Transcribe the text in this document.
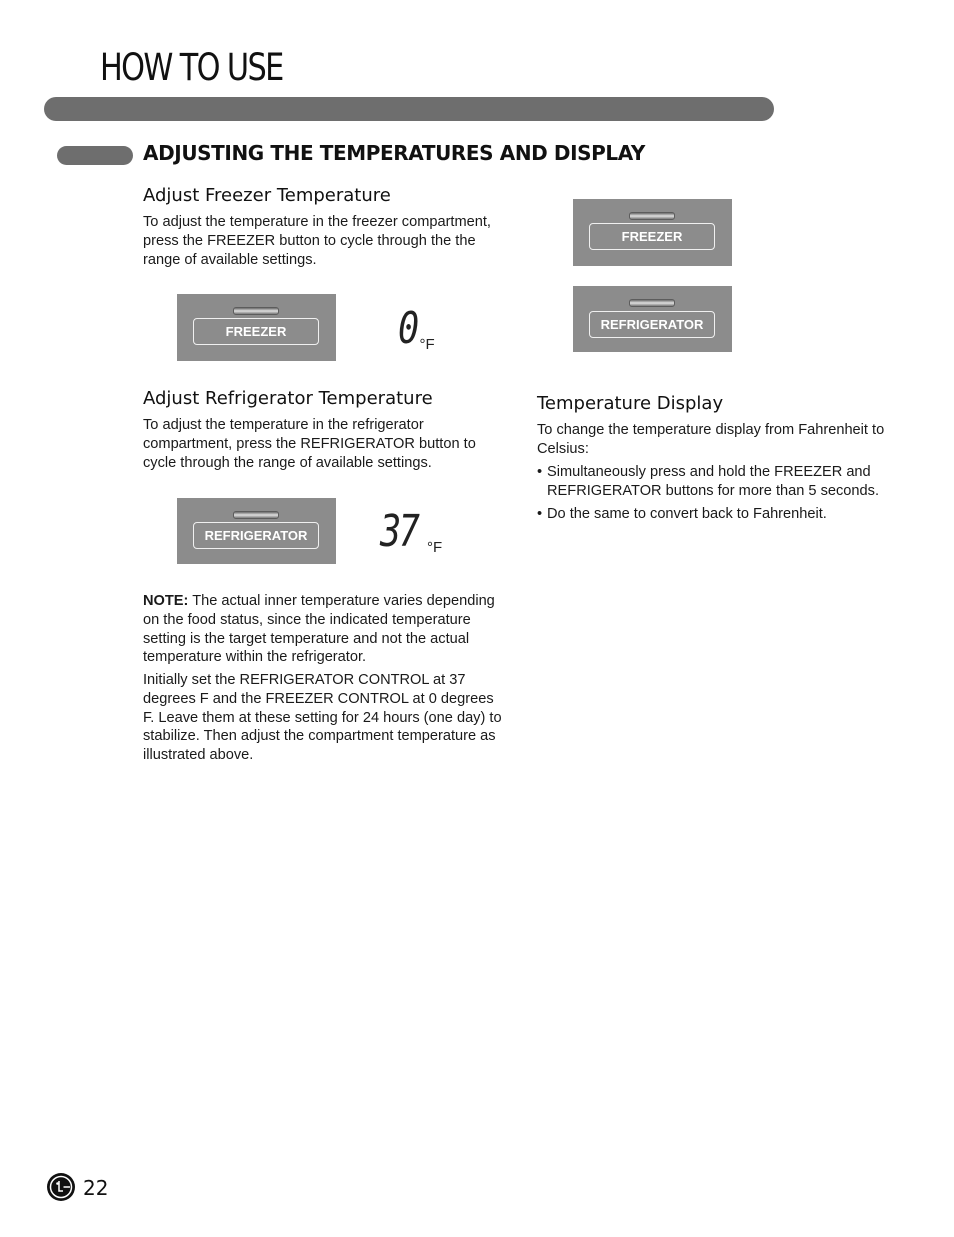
HOW TO USE
ADJUSTING THE TEMPERATURES AND DISPLAY
Adjust Freezer Temperature

To adjust the temperature in the freezer compartment, press the FREEZER button to cycle through the the range of available settings.

FREEZER	0 °F
Adjust Refrigerator Temperature

To adjust the temperature in the refrigerator compartment, press the REFRIGERATOR button to cycle through the range of available settings.

REFRIGERATOR 37 °F

NOTE: The actual inner temperature varies depending on the food status, since the indicated temperature setting is the target temperature and not the actual temperature within the refrigerator.

Initially set the REFRIGERATOR CONTROL at 37 degrees F and the FREEZER CONTROL at 0 degrees F. Leave them at these setting for 24 hours (one day) to stabilize. Then adjust the compartment temperature as illustrated above.

FREEZER
REFRIGERATOR
Temperature Display

To change the temperature display from Fahrenheit to Celsius:

• Simultaneously press and hold the FREEZER and REFRIGERATOR buttons for more than 5 seconds.
• Do the same to convert back to Fahrenheit.
22
